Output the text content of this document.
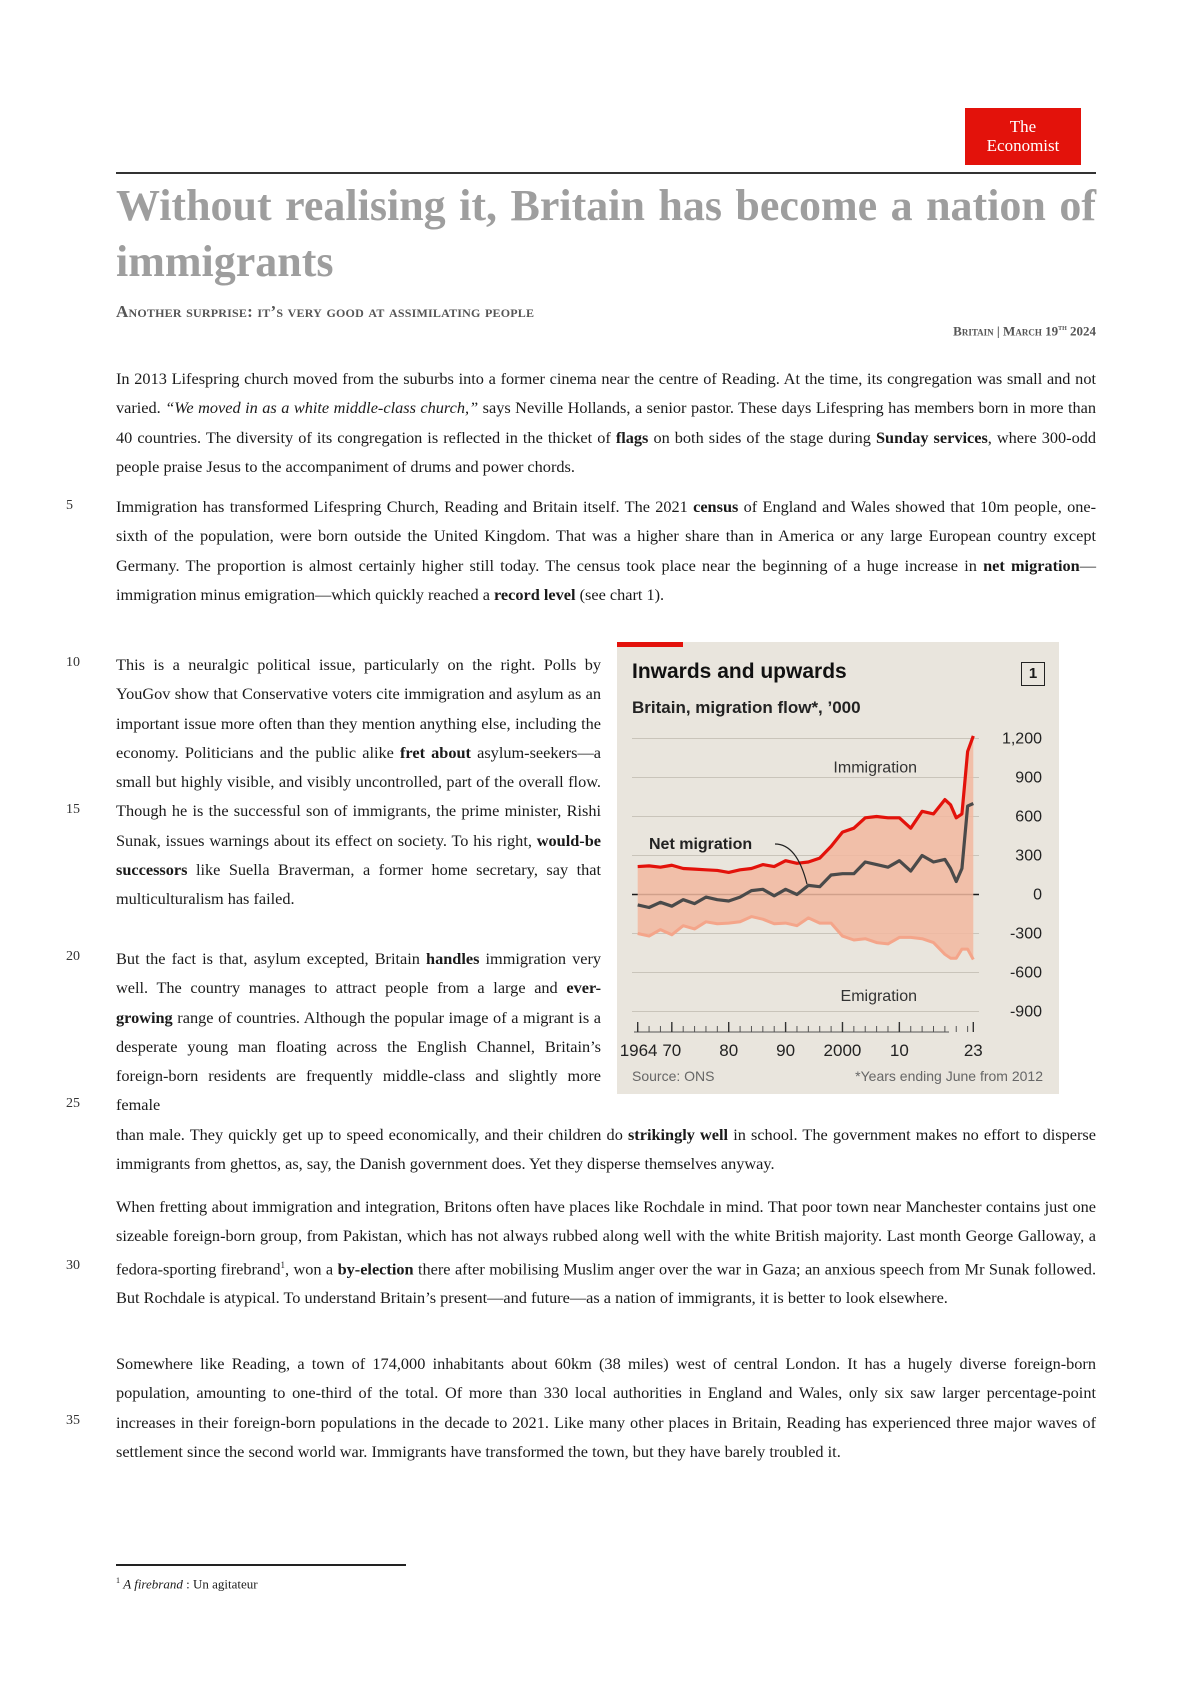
The
Economist
Without realising it, Britain has become a nation of immigrants
Another surprise: it’s very good at assimilating people
Britain | March 19th 2024

In 2013 Lifespring church moved from the suburbs into a former cinema near the centre of Reading. At the time, its congregation was small and not varied. “We moved in as a white middle-class church,” says Neville Hollands, a senior pastor. These days Lifespring has members born in more than 40 countries. The diversity of its congregation is reflected in the thicket of flags on both sides of the stage during Sunday services, where 300-odd people praise Jesus to the accompaniment of drums and power chords.

Immigration has transformed Lifespring Church, Reading and Britain itself. The 2021 census of England and Wales showed that 10m people, one-sixth of the population, were born outside the United Kingdom. That was a higher share than in America or any large European country except Germany. The proportion is almost certainly higher still today. The census took place near the beginning of a huge increase in net migration—immigration minus emigration—which quickly reached a record level (see chart 1).

This is a neuralgic political issue, particularly on the right. Polls by YouGov show that Conservative voters cite immigration and asylum as an important issue more often than they mention anything else, including the economy. Politicians and the public alike fret about asylum-seekers—a small but highly visible, and visibly uncontrolled, part of the overall flow. Though he is the successful son of immigrants, the prime minister, Rishi Sunak, issues warnings about its effect on society. To his right, would-be successors like Suella Braverman, a former home secretary, say that multiculturalism has failed.

But the fact is that, asylum excepted, Britain handles immigration very well. The country manages to attract people from a large and ever-growing range of countries. Although the popular image of a migrant is a desperate young man floating across the English Channel, Britain’s foreign-born residents are frequently middle-class and slightly more female

than male. They quickly get up to speed economically, and their children do strikingly well in school. The government makes no effort to disperse immigrants from ghettos, as, say, the Danish government does. Yet they disperse themselves anyway.

When fretting about immigration and integration, Britons often have places like Rochdale in mind. That poor town near Manchester contains just one sizeable foreign-born group, from Pakistan, which has not always rubbed along well with the white British majority. Last month George Galloway, a fedora-sporting firebrand$^1$, won a by-election there after mobilising Muslim anger over the war in Gaza; an anxious speech from Mr Sunak followed. But Rochdale is atypical. To understand Britain’s present—and future—as a nation of immigrants, it is better to look elsewhere.

Somewhere like Reading, a town of 174,000 inhabitants about 60km (38 miles) west of central London. It has a hugely diverse foreign-born population, amounting to one-third of the total. Of more than 330 local authorities in England and Wales, only six saw larger percentage-point increases in their foreign-born populations in the decade to 2021. Like many other places in Britain, Reading has experienced three major waves of settlement since the second world war. Immigrants have transformed the town, but they have barely troubled it.

5
10
15
20
25
30
35
Inwards and upwards
Britain, migration flow*, ’000
1
1,200
900
600
300
0
-300
-600
-900
1964 70 80 90 2000 10	23
Immigration
Net migration
Emigration
Source: ONS	*Years ending June from 2012
$^1$ A firebrand : Un agitateur
